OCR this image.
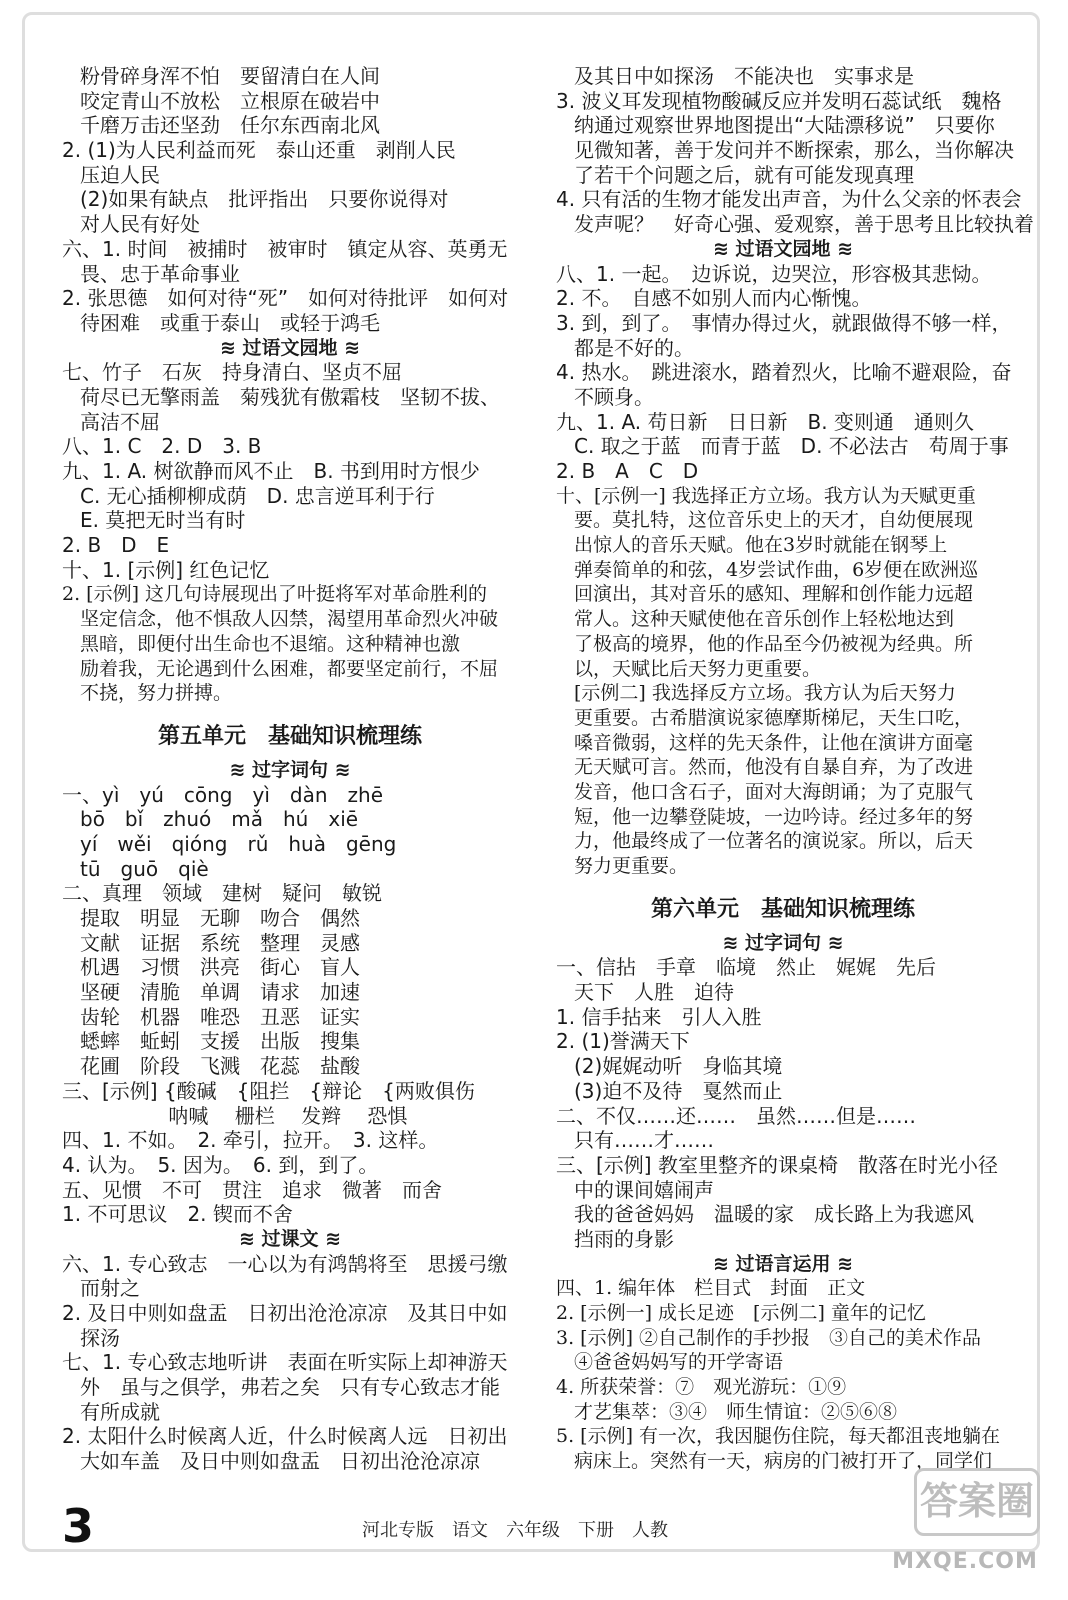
粉骨碎身浑不怕　要留清白在人间
咬定青山不放松　立根原在破岩中
千磨万击还坚劲　任尔东西南北风
2. (1)为人民利益而死　泰山还重　剥削人民
压迫人民
(2)如果有缺点　批评指出　只要你说得对
对人民有好处
六、1. 时间　被捕时　被审时　镇定从容、英勇无
畏、忠于革命事业
2. 张思德　如何对待“死”　如何对待批评　如何对
待困难　或重于泰山　或轻于鸿毛
≋ 过语文园地 ≋
七、竹子　石灰　持身清白、坚贞不屈
荷尽已无擎雨盖　菊残犹有傲霜枝　坚韧不拔、
高洁不屈
八、1. C　2. D　3. B
九、1. A. 树欲静而风不止　B. 书到用时方恨少
C. 无心插柳柳成荫　D. 忠言逆耳利于行
E. 莫把无时当有时
2. B　D　E
十、1. [示例] 红色记忆
2. [示例] 这几句诗展现出了叶挺将军对革命胜利的
坚定信念，他不惧敌人囚禁，渴望用革命烈火冲破
黑暗，即便付出生命也不退缩。这种精神也激
励着我，无论遇到什么困难，都要坚定前行，不屈
不挠，努力拼搏。
第五单元　基础知识梳理练
≋ 过字词句 ≋
一、yì　yú　cōng　yì　dàn　zhē
bō　bǐ　zhuó　mǎ　hú　xiē
yí　wěi　qióng　rǔ　huà　gēng
tū　guō　qiè
二、真理　领域　建树　疑问　敏锐
提取　明显　无聊　吻合　偶然
文献　证据　系统　整理　灵感
机遇　习惯　洪亮　街心　盲人
坚硬　清脆　单调　请求　加速
齿轮　机器　唯恐　丑恶　证实
蟋蟀　蚯蚓　支援　出版　搜集
花圃　阶段　飞溅　花蕊　盐酸
三、[示例] {酸碱　{阻拦　{辩论　{两败俱伤
　　　　　 呐喊　 栅栏　 发辫　 恐惧
四、1. 不如。　2. 牵引，拉开。　3. 这样。
4. 认为。　5. 因为。　6. 到，到了。
五、见惯　不可　贯注　追求　微著　而舍
1. 不可思议　2. 锲而不舍
≋ 过课文 ≋
六、1. 专心致志　一心以为有鸿鹄将至　思援弓缴
而射之
2. 及日中则如盘盂　日初出沧沧凉凉　及其日中如
探汤
七、1. 专心致志地听讲　表面在听实际上却神游天
外　虽与之俱学，弗若之矣　只有专心致志才能
有所成就
2. 太阳什么时候离人近，什么时候离人远　日初出
大如车盖　及日中则如盘盂　日初出沧沧凉凉
及其日中如探汤　不能决也　实事求是
3. 波义耳发现植物酸碱反应并发明石蕊试纸　魏格
纳通过观察世界地图提出“大陆漂移说”　只要你
见微知著，善于发问并不断探索，那么，当你解决
了若干个问题之后，就有可能发现真理
4. 只有活的生物才能发出声音，为什么父亲的怀表会
发声呢？　好奇心强、爱观察，善于思考且比较执着
≋ 过语文园地 ≋
八、1. 一起。　边诉说，边哭泣，形容极其悲恸。
2. 不。　自感不如别人而内心惭愧。
3. 到，到了。　事情办得过火，就跟做得不够一样，
都是不好的。
4. 热水。　跳进滚水，踏着烈火，比喻不避艰险，奋
不顾身。
九、1. A. 苟日新　日日新　B. 变则通　通则久
C. 取之于蓝　而青于蓝　D. 不必法古　苟周于事
2. B　A　C　D
十、[示例一] 我选择正方立场。我方认为天赋更重
要。莫扎特，这位音乐史上的天才，自幼便展现
出惊人的音乐天赋。他在3岁时就能在钢琴上
弹奏简单的和弦，4岁尝试作曲，6岁便在欧洲巡
回演出，其对音乐的感知、理解和创作能力远超
常人。这种天赋使他在音乐创作上轻松地达到
了极高的境界，他的作品至今仍被视为经典。所
以，天赋比后天努力更重要。
[示例二] 我选择反方立场。我方认为后天努力
更重要。古希腊演说家德摩斯梯尼，天生口吃，
嗓音微弱，这样的先天条件，让他在演讲方面毫
无天赋可言。然而，他没有自暴自弃，为了改进
发音，他口含石子，面对大海朗诵；为了克服气
短，他一边攀登陡坡，一边吟诗。经过多年的努
力，他最终成了一位著名的演说家。所以，后天
努力更重要。
第六单元　基础知识梳理练
≋ 过字词句 ≋
一、信拈　手章　临境　然止　娓娓　先后
天下　人胜　迫待
1. 信手拈来　引人入胜
2. (1)誉满天下
(2)娓娓动听　身临其境
(3)迫不及待　戛然而止
二、不仅……还……　虽然……但是……
只有……才……
三、[示例] 教室里整齐的课桌椅　散落在时光小径
中的课间嬉闹声
我的爸爸妈妈　温暖的家　成长路上为我遮风
挡雨的身影
≋ 过语言运用 ≋
四、1. 编年体　栏目式　封面　正文
2. [示例一] 成长足迹　[示例二] 童年的记忆
3. [示例] ②自己制作的手抄报　③自己的美术作品
④爸爸妈妈写的开学寄语
4. 所获荣誉：⑦　观光游玩：①⑨
才艺集萃：③④　师生情谊：②⑤⑥⑧
5. [示例] 有一次，我因腿伤住院，每天都沮丧地躺在
病床上。突然有一天，病房的门被打开了，同学们
3	河北专版　语文　六年级　下册　人教
答案圈
MXQE.COM
